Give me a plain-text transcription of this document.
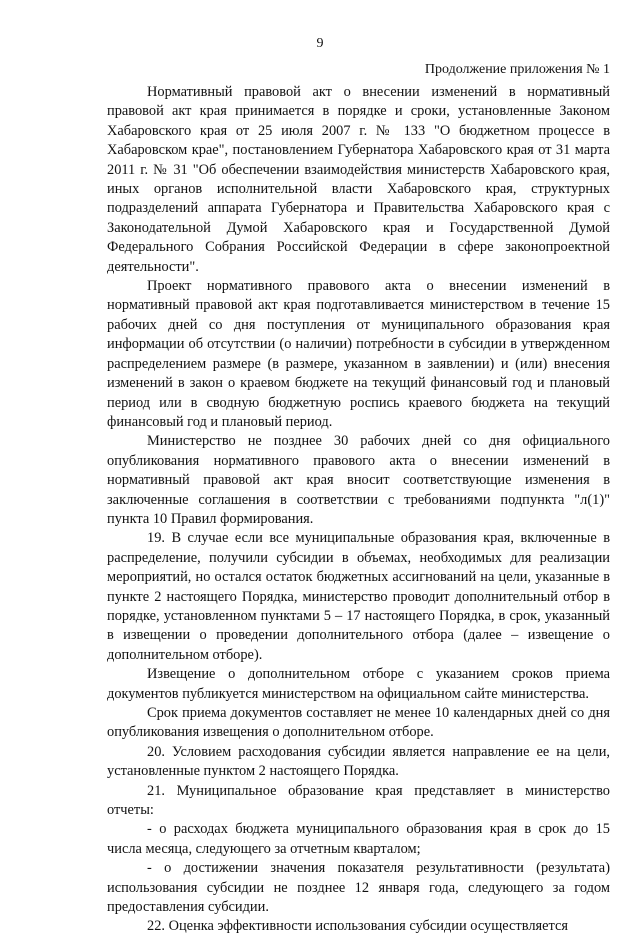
9
Продолжение приложения № 1

Нормативный правовой акт о внесении изменений в нормативный правовой акт края принимается в порядке и сроки, установленные Законом Хабаровского края от 25 июля 2007 г. № 133 "О бюджетном процессе в Хабаровском крае", постановлением Губернатора Хабаровского края от 31 марта 2011 г. № 31 "Об обеспечении взаимодействия министерств Хабаровского края, иных органов исполнительной власти Хабаровского края, структурных подразделений аппарата Губернатора и Правительства Хабаровского края с Законодательной Думой Хабаровского края и Государственной Думой Федерального Собрания Российской Федерации в сфере законопроектной деятельности".

Проект нормативного правового акта о внесении изменений в нормативный правовой акт края подготавливается министерством в течение 15 рабочих дней со дня поступления от муниципального образования края информации об отсутствии (о наличии) потребности в субсидии в утвержденном распределением размере (в размере, указанном в заявлении) и (или) внесения изменений в закон о краевом бюджете на текущий финансовый год и плановый период или в сводную бюджетную роспись краевого бюджета на текущий финансовый год и плановый период.

Министерство не позднее 30 рабочих дней со дня официального опубликования нормативного правового акта о внесении изменений в нормативный правовой акт края вносит соответствующие изменения в заключенные соглашения в соответствии с требованиями подпункта "л(1)" пункта 10 Правил формирования.

19. В случае если все муниципальные образования края, включенные в распределение, получили субсидии в объемах, необходимых для реализации мероприятий, но остался остаток бюджетных ассигнований на цели, указанные в пункте 2 настоящего Порядка, министерство проводит дополнительный отбор в порядке, установленном пунктами 5 – 17 настоящего Порядка, в срок, указанный в извещении о проведении дополнительного отбора (далее – извещение о дополнительном отборе).

Извещение о дополнительном отборе с указанием сроков приема документов публикуется министерством на официальном сайте министерства.

Срок приема документов составляет не менее 10 календарных дней со дня опубликования извещения о дополнительном отборе.

20. Условием расходования субсидии является направление ее на цели, установленные пунктом 2 настоящего Порядка.

21. Муниципальное образование края представляет в министерство отчеты:

- о расходах бюджета муниципального образования края в срок до 15 числа месяца, следующего за отчетным кварталом;

- о достижении значения показателя результативности (результата) использования субсидии не позднее 12 января года, следующего за годом предоставления субсидии.

22. Оценка эффективности использования субсидии осуществляется
